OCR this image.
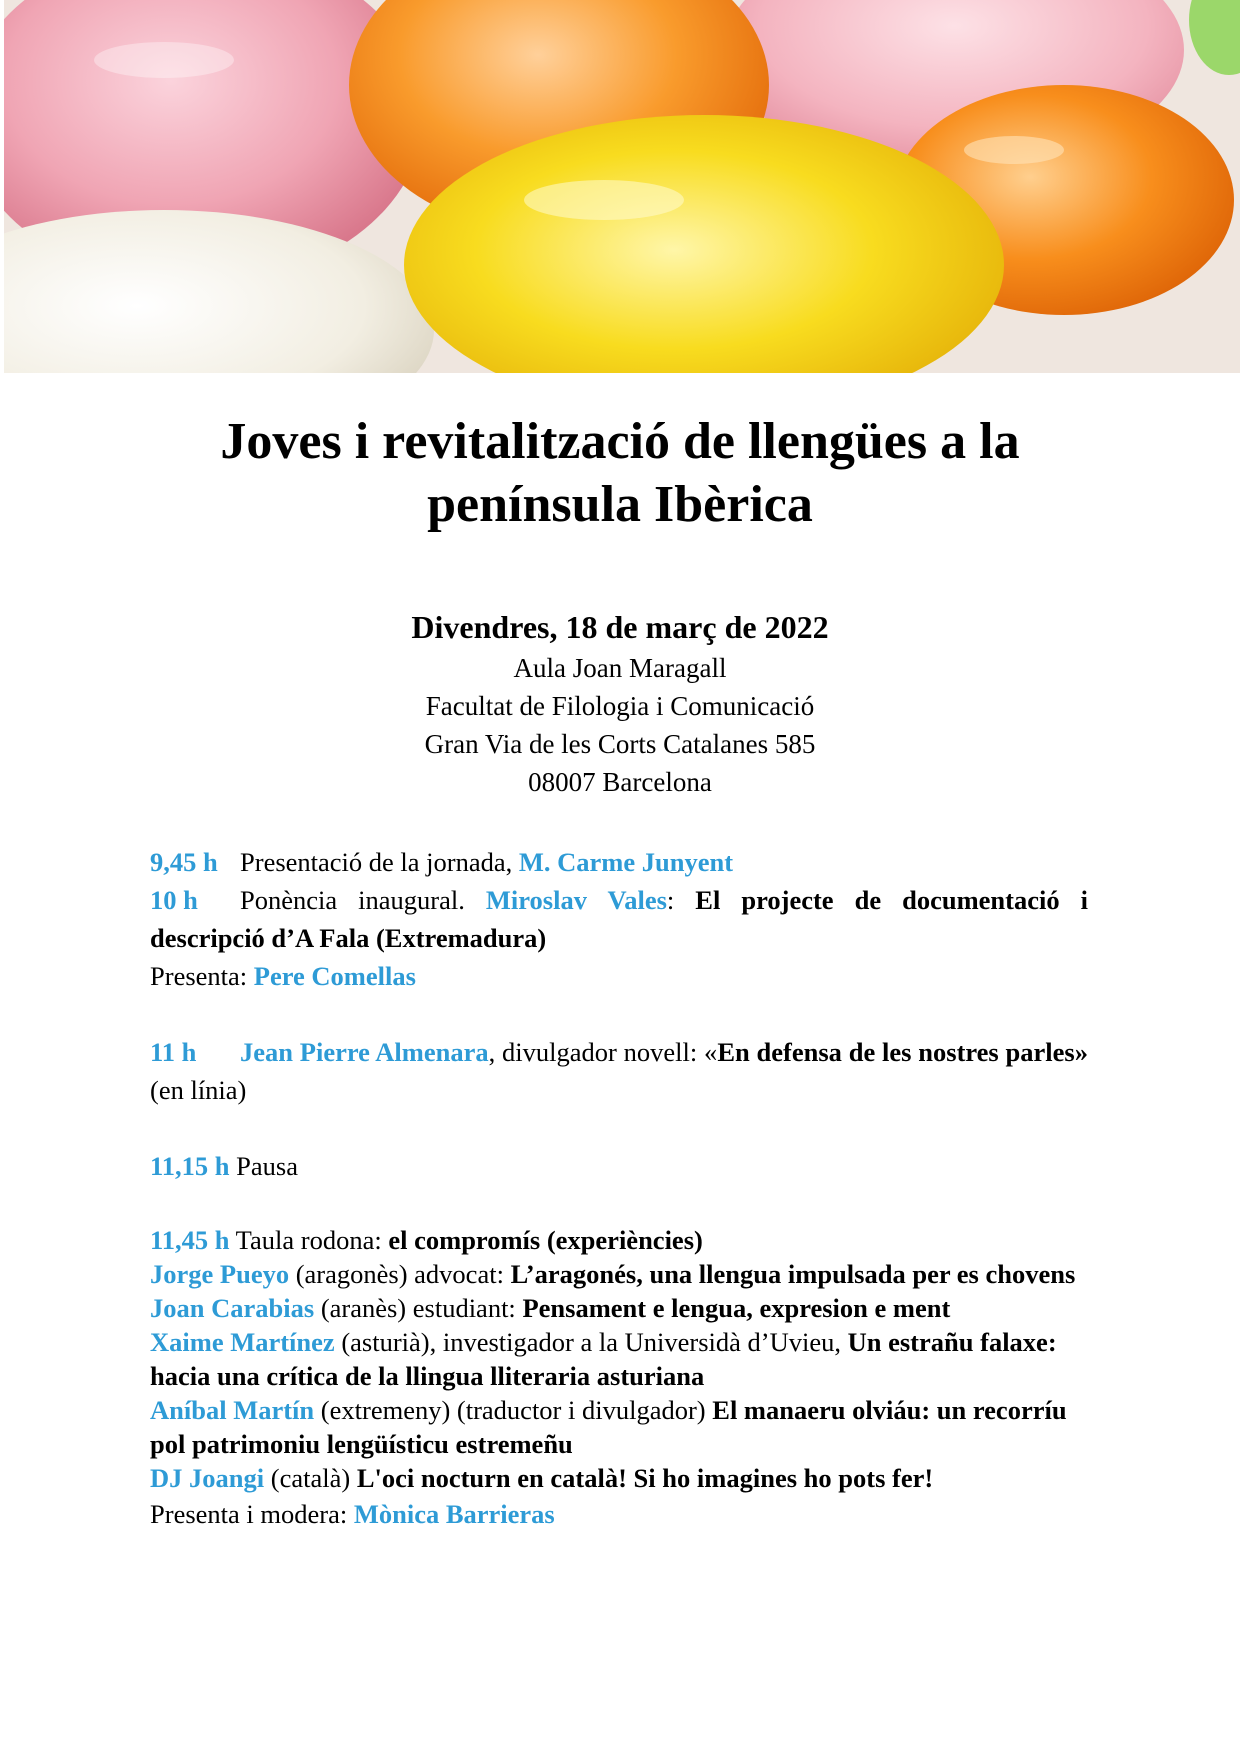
Joves i revitalització de llengües a la
península Ibèrica
Divendres, 18 de març de 2022
Aula Joan Maragall
Facultat de Filologia i Comunicació
Gran Via de les Corts Catalanes 585
08007 Barcelona

9,45 h Presentació de la jornada, M. Carme Junyent

10 h Ponència inaugural. Miroslav Vales: El projecte de documentació i descripció d’A Fala (Extremadura)

Presenta: Pere Comellas

11 h Jean Pierre Almenara, divulgador novell: «En defensa de les nostres parles» (en línia)

11,15 h Pausa

11,45 h Taula rodona: el compromís (experiències)

Jorge Pueyo (aragonès) advocat: L’aragonés, una llengua impulsada per es chovens

Joan Carabias (aranès) estudiant: Pensament e lengua, expresion e ment

Xaime Martínez (asturià), investigador a la Universidà d’Uvieu, Un estrañu falaxe: hacia una crítica de la llingua lliteraria asturiana

Aníbal Martín (extremeny) (traductor i divulgador) El manaeru olviáu: un recorríu pol patrimoniu lengüísticu estremeñu

DJ Joangi (català) L'oci nocturn en català! Si ho imagines ho pots fer!

Presenta i modera: Mònica Barrieras
